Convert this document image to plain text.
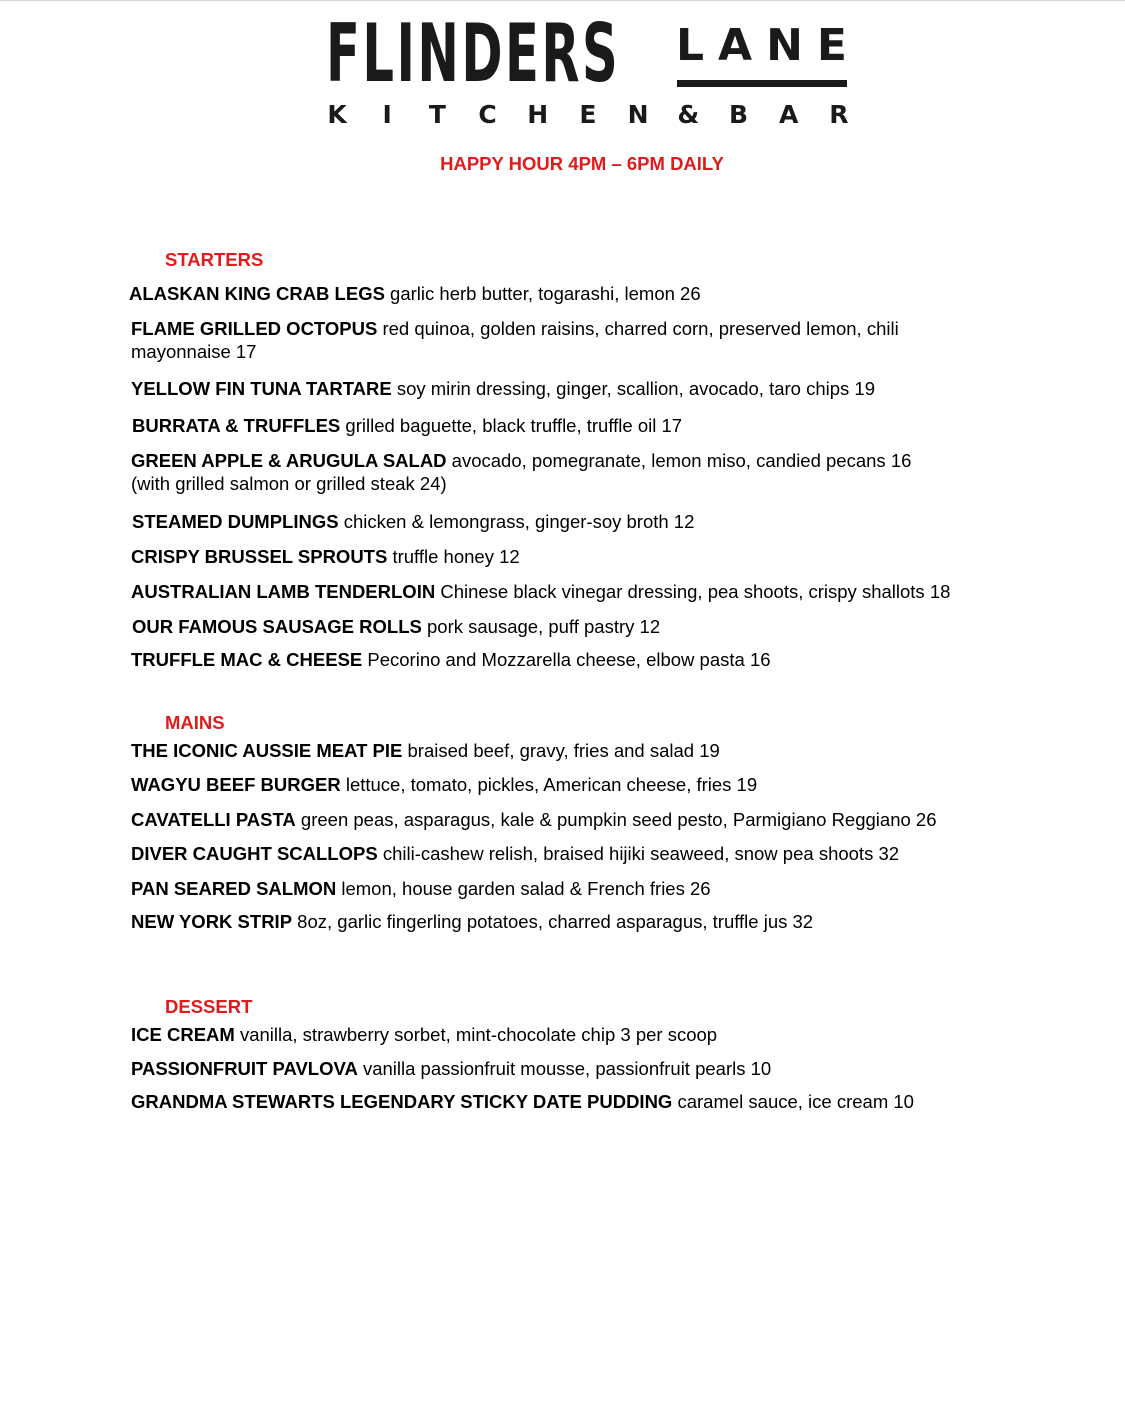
FLINDERS LANE
K I T C H E N & B A R
HAPPY HOUR 4PM – 6PM DAILY
STARTERS
ALASKAN KING CRAB LEGS garlic herb butter, togarashi, lemon 26
FLAME GRILLED OCTOPUS red quinoa, golden raisins, charred corn, preserved lemon, chili mayonnaise 17
YELLOW FIN TUNA TARTARE soy mirin dressing, ginger, scallion, avocado, taro chips 19
BURRATA & TRUFFLES grilled baguette, black truffle, truffle oil 17
GREEN APPLE & ARUGULA SALAD avocado, pomegranate, lemon miso, candied pecans 16 (with grilled salmon or grilled steak 24)
STEAMED DUMPLINGS chicken & lemongrass, ginger-soy broth 12
CRISPY BRUSSEL SPROUTS truffle honey 12
AUSTRALIAN LAMB TENDERLOIN Chinese black vinegar dressing, pea shoots, crispy shallots 18
OUR FAMOUS SAUSAGE ROLLS pork sausage, puff pastry 12
TRUFFLE MAC & CHEESE Pecorino and Mozzarella cheese, elbow pasta 16
MAINS
THE ICONIC AUSSIE MEAT PIE braised beef, gravy, fries and salad 19
WAGYU BEEF BURGER lettuce, tomato, pickles, American cheese, fries 19
CAVATELLI PASTA green peas, asparagus, kale & pumpkin seed pesto, Parmigiano Reggiano 26
DIVER CAUGHT SCALLOPS chili-cashew relish, braised hijiki seaweed, snow pea shoots 32
PAN SEARED SALMON lemon, house garden salad & French fries 26
NEW YORK STRIP 8oz, garlic fingerling potatoes, charred asparagus, truffle jus 32
DESSERT
ICE CREAM vanilla, strawberry sorbet, mint-chocolate chip 3 per scoop
PASSIONFRUIT PAVLOVA vanilla passionfruit mousse, passionfruit pearls 10
GRANDMA STEWARTS LEGENDARY STICKY DATE PUDDING caramel sauce, ice cream 10
